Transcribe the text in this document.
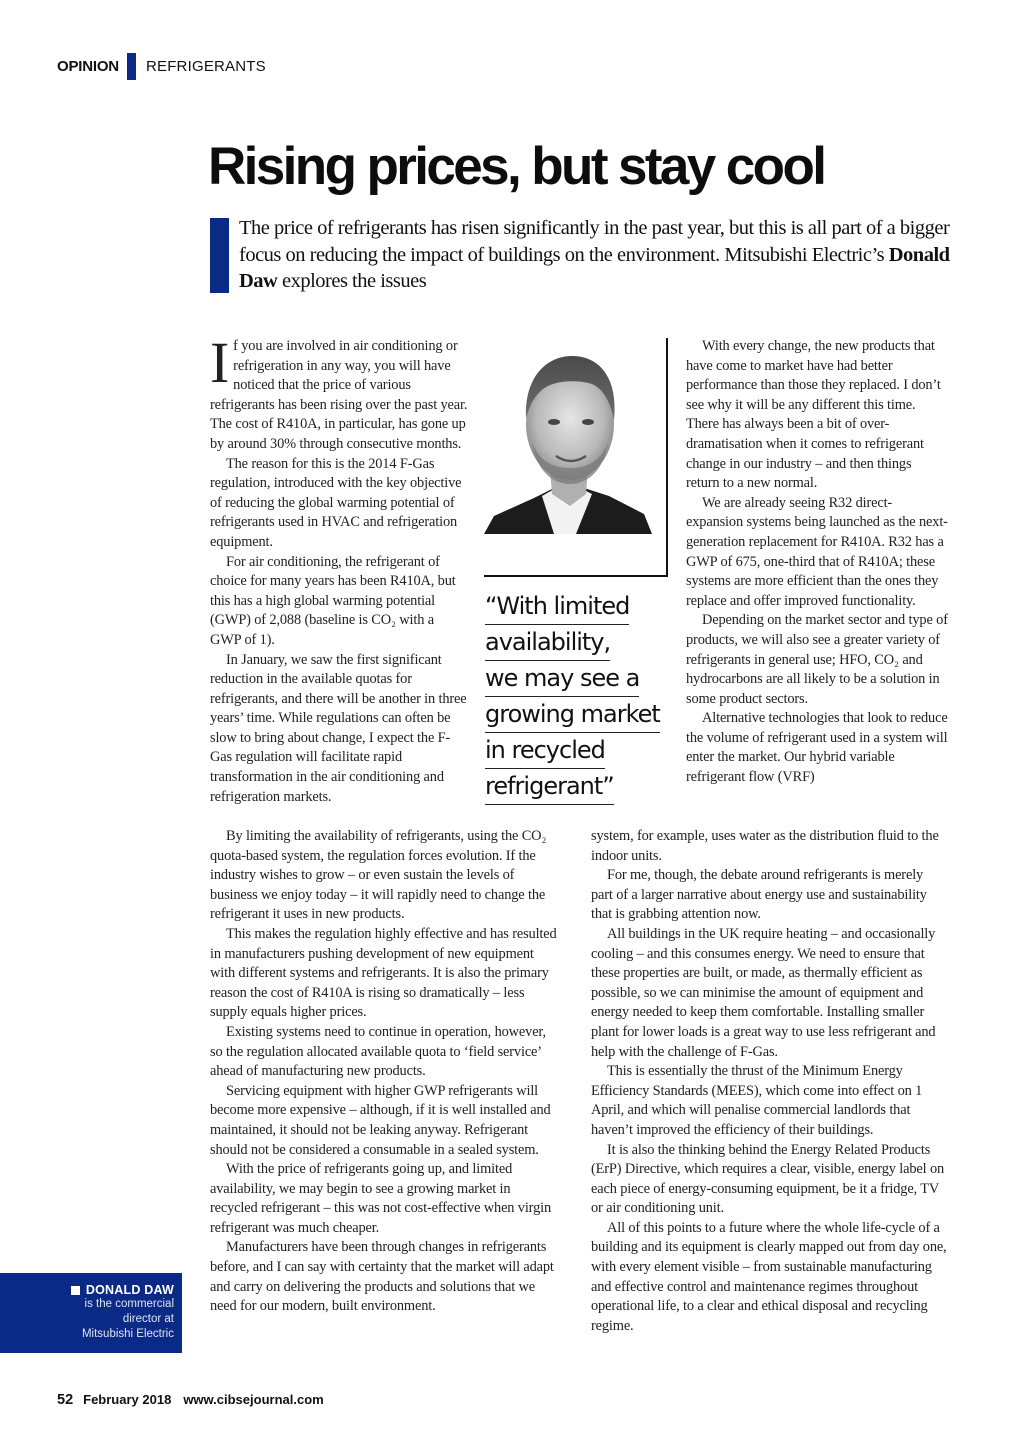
OPINION REFRIGERANTS
Rising prices, but stay cool

The price of refrigerants has risen significantly in the past year, but this is all part of a bigger focus on reducing the impact of buildings on the environment. Mitsubishi Electric’s Donald Daw explores the issues

If you are involved in air conditioning or refrigeration in any way, you will have noticed that the price of various refrigerants has been rising over the past year. The cost of R410A, in particular, has gone up by around 30% through consecutive months.

The reason for this is the 2014 F-Gas regulation, introduced with the key objective of reducing the global warming potential of refrigerants used in HVAC and refrigeration equipment.

For air conditioning, the refrigerant of choice for many years has been R410A, but this has a high global warming potential (GWP) of 2,088 (baseline is CO₂ with a GWP of 1).

In January, we saw the first significant reduction in the available quotas for refrigerants, and there will be another in three years’ time. While regulations can often be slow to bring about change, I expect the F-Gas regulation will facilitate rapid transformation in the air conditioning and refrigeration markets.

“With limited
availability,
we may see a
growing market
in recycled
refrigerant”

With every change, the new products that have come to market have had better performance than those they replaced. I don’t see why it will be any different this time. There has always been a bit of over-dramatisation when it comes to refrigerant change in our industry – and then things return to a new normal.

We are already seeing R32 direct-expansion systems being launched as the next-generation replacement for R410A. R32 has a GWP of 675, one-third that of R410A; these systems are more efficient than the ones they replace and offer improved functionality.

Depending on the market sector and type of products, we will also see a greater variety of refrigerants in general use; HFO, CO₂ and hydrocarbons are all likely to be a solution in some product sectors.

Alternative technologies that look to reduce the volume of refrigerant used in a system will enter the market. Our hybrid variable refrigerant flow (VRF)

By limiting the availability of refrigerants, using the CO₂ quota-based system, the regulation forces evolution. If the industry wishes to grow – or even sustain the levels of business we enjoy today – it will rapidly need to change the refrigerant it uses in new products.

This makes the regulation highly effective and has resulted in manufacturers pushing development of new equipment with different systems and refrigerants. It is also the primary reason the cost of R410A is rising so dramatically – less supply equals higher prices.

Existing systems need to continue in operation, however, so the regulation allocated available quota to ‘field service’ ahead of manufacturing new products.

Servicing equipment with higher GWP refrigerants will become more expensive – although, if it is well installed and maintained, it should not be leaking anyway. Refrigerant should not be considered a consumable in a sealed system.

With the price of refrigerants going up, and limited availability, we may begin to see a growing market in recycled refrigerant – this was not cost-effective when virgin refrigerant was much cheaper.

Manufacturers have been through changes in refrigerants before, and I can say with certainty that the market will adapt and carry on delivering the products and solutions that we need for our modern, built environment.

system, for example, uses water as the distribution fluid to the indoor units.

For me, though, the debate around refrigerants is merely part of a larger narrative about energy use and sustainability that is grabbing attention now.

All buildings in the UK require heating – and occasionally cooling – and this consumes energy. We need to ensure that these properties are built, or made, as thermally efficient as possible, so we can minimise the amount of equipment and energy needed to keep them comfortable. Installing smaller plant for lower loads is a great way to use less refrigerant and help with the challenge of F-Gas.

This is essentially the thrust of the Minimum Energy Efficiency Standards (MEES), which come into effect on 1 April, and which will penalise commercial landlords that haven’t improved the efficiency of their buildings.

It is also the thinking behind the Energy Related Products (ErP) Directive, which requires a clear, visible, energy label on each piece of energy-consuming equipment, be it a fridge, TV or air conditioning unit.

All of this points to a future where the whole life-cycle of a building and its equipment is clearly mapped out from day one, with every element visible – from sustainable manufacturing and effective control and maintenance regimes throughout operational life, to a clear and ethical disposal and recycling regime.

DONALD DAW
is the commercial
director at
Mitsubishi Electric
52 February 2018 www.cibsejournal.com
